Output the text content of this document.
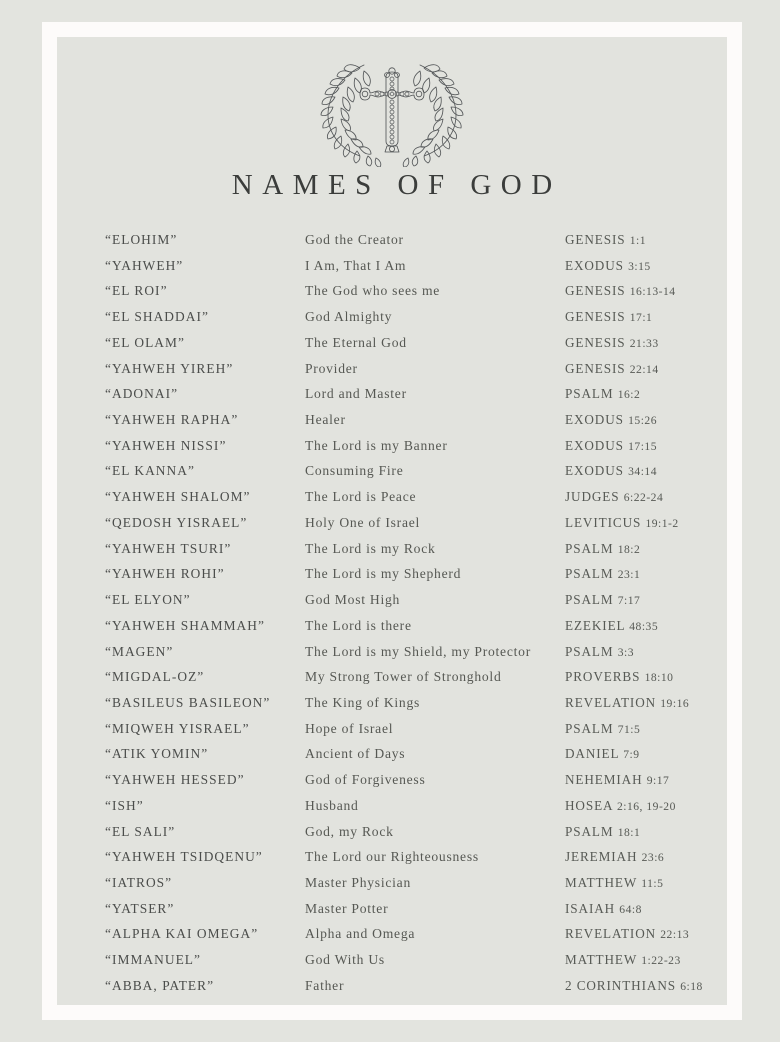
NAMES OF GOD
“ELOHIM”	God the Creator	GENESIS 1:1
“YAHWEH”	I Am, That I Am	EXODUS 3:15
“EL ROI”	The God who sees me	GENESIS 16:13-14
“EL SHADDAI”	God Almighty	GENESIS 17:1
“EL OLAM”	The Eternal God	GENESIS 21:33
“YAHWEH YIREH”	Provider	GENESIS 22:14
“ADONAI”	Lord and Master	PSALM 16:2
“YAHWEH RAPHA”	Healer	EXODUS 15:26
“YAHWEH NISSI”	The Lord is my Banner	EXODUS 17:15
“EL KANNA”	Consuming Fire	EXODUS 34:14
“YAHWEH SHALOM”	The Lord is Peace	JUDGES 6:22-24
“QEDOSH YISRAEL”	Holy One of Israel	LEVITICUS 19:1-2
“YAHWEH TSURI”	The Lord is my Rock	PSALM 18:2
“YAHWEH ROHI”	The Lord is my Shepherd	PSALM 23:1
“EL ELYON”	God Most High	PSALM 7:17
“YAHWEH SHAMMAH”	The Lord is there	EZEKIEL 48:35
“MAGEN”	The Lord is my Shield, my Protector	PSALM 3:3
“MIGDAL-OZ”	My Strong Tower of Stronghold	PROVERBS 18:10
“BASILEUS BASILEON”	The King of Kings	REVELATION 19:16
“MIQWEH YISRAEL”	Hope of Israel	PSALM 71:5
“ATIK YOMIN”	Ancient of Days	DANIEL 7:9
“YAHWEH HESSED”	God of Forgiveness	NEHEMIAH 9:17
“ISH”	Husband	HOSEA 2:16, 19-20
“EL SALI”	God, my Rock	PSALM 18:1
“YAHWEH TSIDQENU”	The Lord our Righteousness	JEREMIAH 23:6
“IATROS”	Master Physician	MATTHEW 11:5
“YATSER”	Master Potter	ISAIAH 64:8
“ALPHA KAI OMEGA”	Alpha and Omega	REVELATION 22:13
“IMMANUEL”	God With Us	MATTHEW 1:22-23
“ABBA, PATER”	Father	2 CORINTHIANS 6:18
